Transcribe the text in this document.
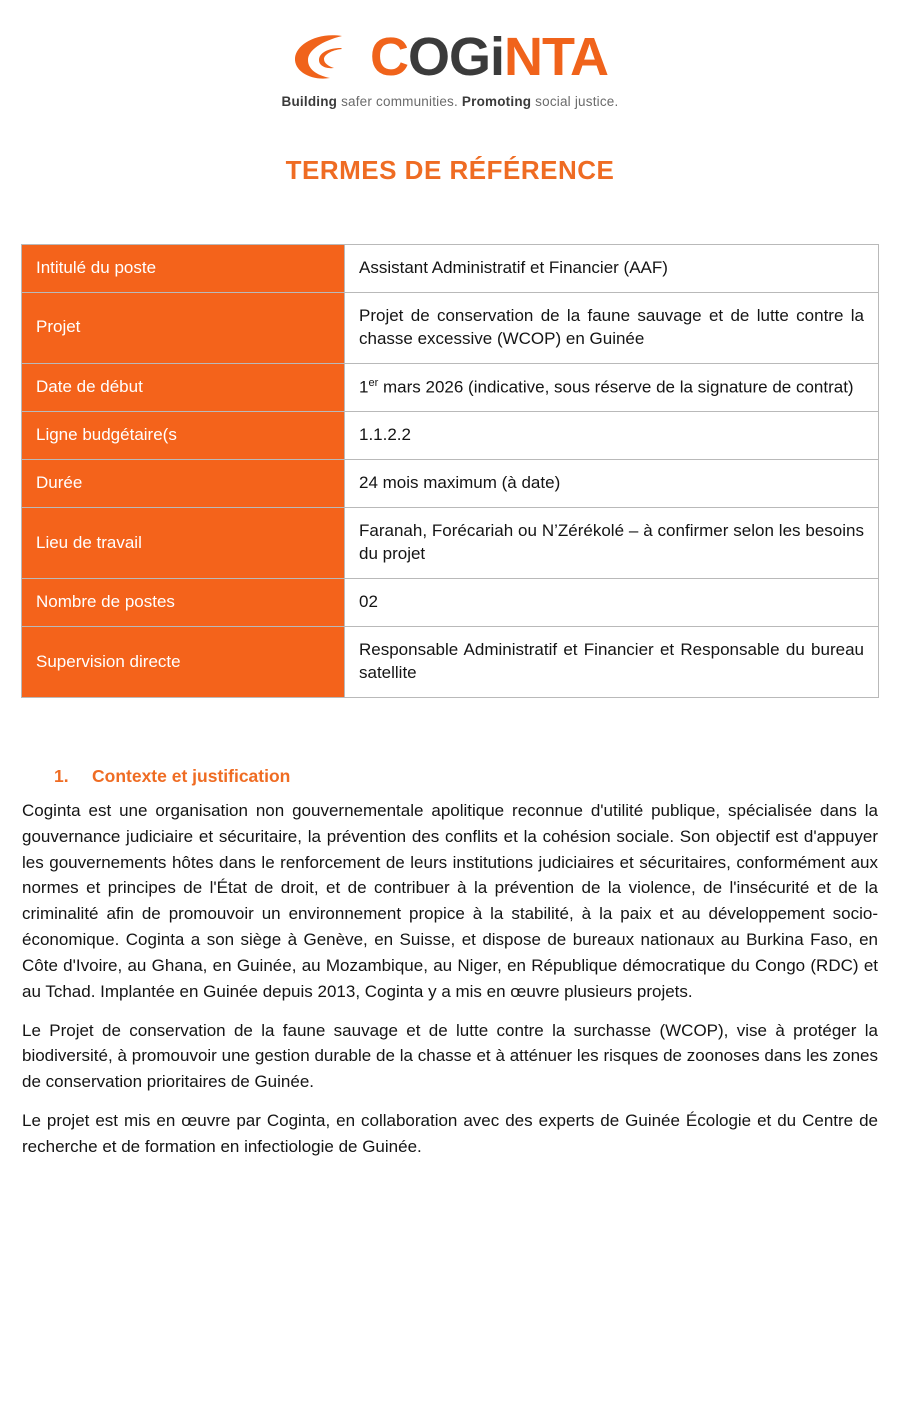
COGiNTA
Building safer communities. Promoting social justice.
TERMES DE RÉFÉRENCE
Intitulé du poste	Assistant Administratif et Financier (AAF)
Projet	Projet de conservation de la faune sauvage et de lutte contre la chasse excessive (WCOP) en Guinée
Date de début	1er mars 2026 (indicative, sous réserve de la signature de contrat)
Ligne budgétaire(s	1.1.2.2
Durée	24 mois maximum (à date)
Lieu de travail	Faranah, Forécariah ou N’Zérékolé – à confirmer selon les besoins du projet
Nombre de postes	02
Supervision directe	Responsable Administratif et Financier et Responsable du bureau satellite
1. Contexte et justification

Coginta est une organisation non gouvernementale apolitique reconnue d'utilité publique, spécialisée dans la gouvernance judiciaire et sécuritaire, la prévention des conflits et la cohésion sociale. Son objectif est d'appuyer les gouvernements hôtes dans le renforcement de leurs institutions judiciaires et sécuritaires, conformément aux normes et principes de l'État de droit, et de contribuer à la prévention de la violence, de l'insécurité et de la criminalité afin de promouvoir un environnement propice à la stabilité, à la paix et au développement socio-économique. Coginta a son siège à Genève, en Suisse, et dispose de bureaux nationaux au Burkina Faso, en Côte d'Ivoire, au Ghana, en Guinée, au Mozambique, au Niger, en République démocratique du Congo (RDC) et au Tchad. Implantée en Guinée depuis 2013, Coginta y a mis en œuvre plusieurs projets.

Le Projet de conservation de la faune sauvage et de lutte contre la surchasse (WCOP), vise à protéger la biodiversité, à promouvoir une gestion durable de la chasse et à atténuer les risques de zoonoses dans les zones de conservation prioritaires de Guinée.

Le projet est mis en œuvre par Coginta, en collaboration avec des experts de Guinée Écologie et du Centre de recherche et de formation en infectiologie de Guinée.
